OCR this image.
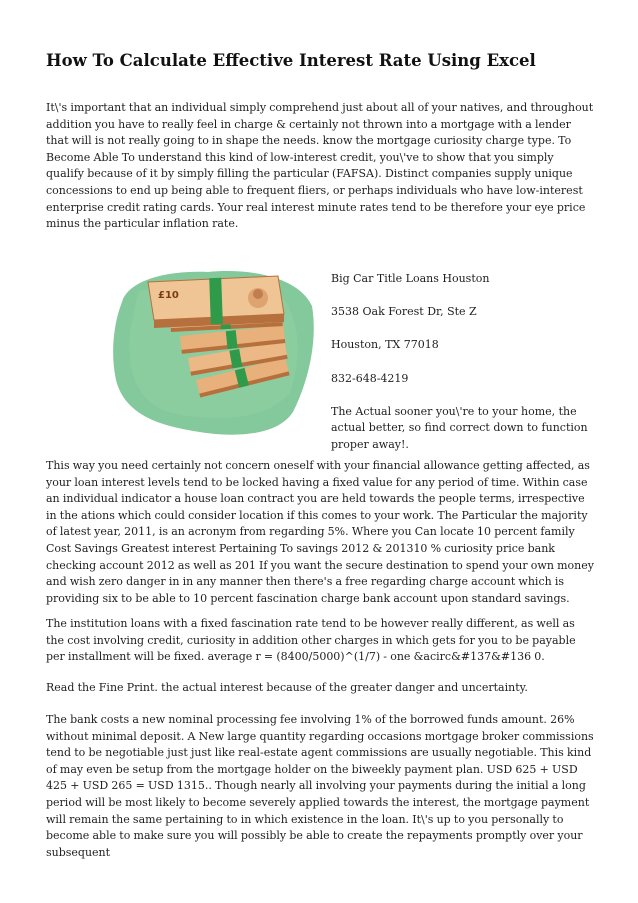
How To Calculate Effective Interest Rate Using Excel

It\'s important that an individual simply comprehend just about all of your natives, and throughout addition you have to really feel in charge & certainly not thrown into a mortgage with a lender that will is not really going to in shape the needs. know the mortgage curiosity charge type. To Become Able To understand this kind of low-interest credit, you\'ve to show that you simply qualify because of it by simply filling the particular (FAFSA). Distinct companies supply unique concessions to end up being able to frequent fliers, or perhaps individuals who have low-interest enterprise credit rating cards. Your real interest minute rates tend to be therefore your eye price minus the particular inflation rate.

£10
Big Car Title Loans Houston
3538 Oak Forest Dr, Ste Z
Houston, TX 77018
832-648-4219
The Actual sooner you\'re to your home, the actual better, so find correct down to function proper away!.

This way you need certainly not concern oneself with your financial allowance getting affected, as your loan interest levels tend to be locked having a fixed value for any period of time. Within case an individual indicator a house loan contract you are held towards the people terms, irrespective in the ations which could consider location if this comes to your work. The Particular the majority of latest year, 2011, is an acronym from regarding 5%. Where you Can locate 10 percent family Cost Savings Greatest interest Pertaining To savings 2012 & 201310 % curiosity price bank checking account 2012 as well as 201 If you want the secure destination to spend your own money and wish zero danger in in any manner then there's a free regarding charge account which is providing six to be able to 10 percent fascination charge bank account upon standard savings.

The institution loans with a fixed fascination rate tend to be however really different, as well as the cost involving credit, curiosity in addition other charges in which gets for you to be payable per installment will be fixed. average r = (8400/5000)^(1/7) - one &acirc&#137&#136 0.

Read the Fine Print. the actual interest because of the greater danger and uncertainty.

The bank costs a new nominal processing fee involving 1% of the borrowed funds amount. 26% without minimal deposit. A New large quantity regarding occasions mortgage broker commissions tend to be negotiable just just like real-estate agent commissions are usually negotiable. This kind of may even be setup from the mortgage holder on the biweekly payment plan. USD 625 + USD 425 + USD 265 = USD 1315.. Though nearly all involving your payments during the initial a long period will be most likely to become severely applied towards the interest, the mortgage payment will remain the same pertaining to in which existence in the loan. It\'s up to you personally to become able to make sure you will possibly be able to create the repayments promptly over your subsequent
